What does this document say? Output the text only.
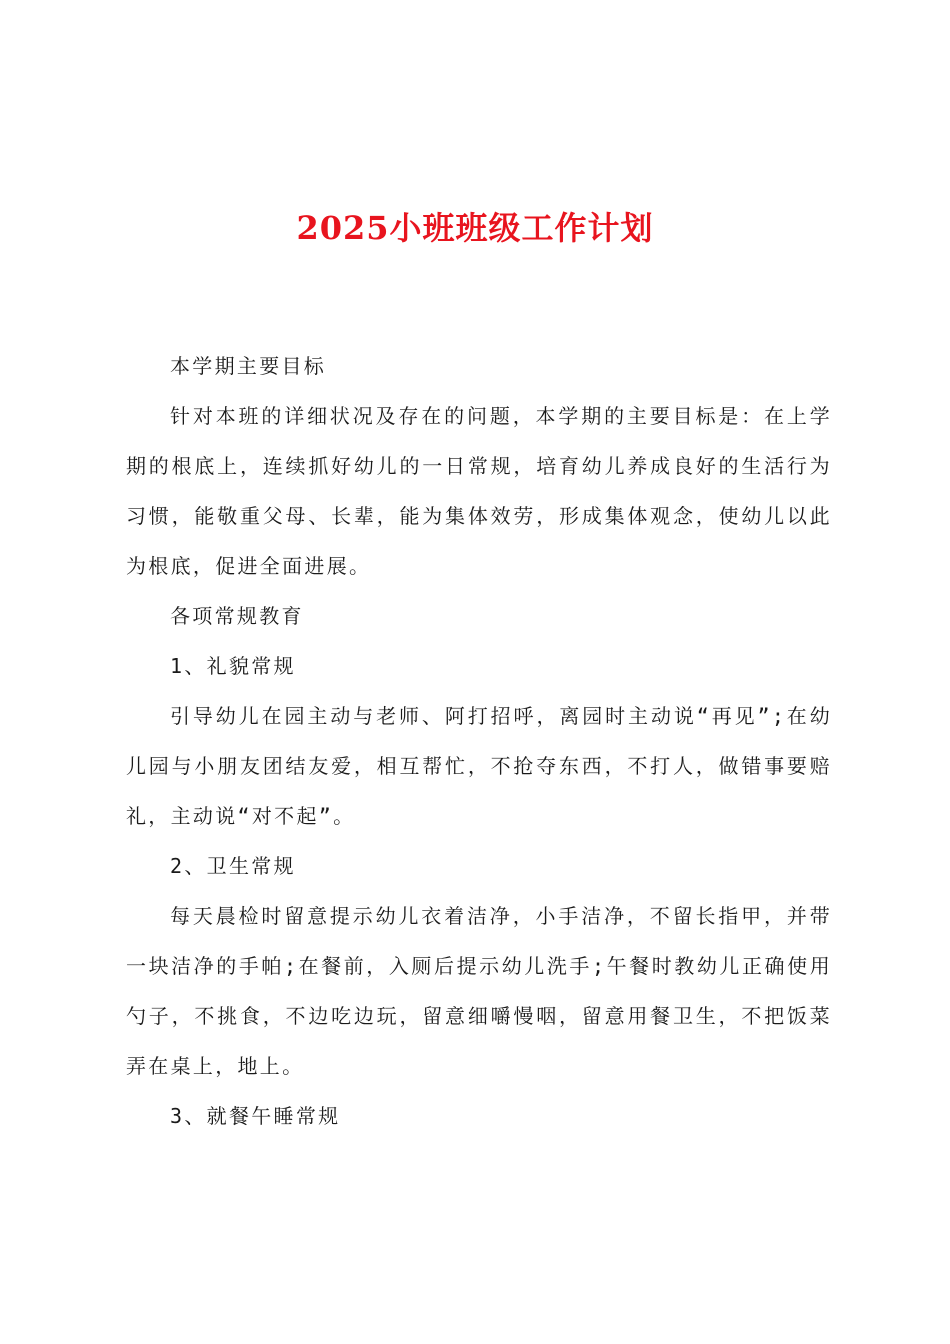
2025小班班级工作计划

本学期主要目标

针对本班的详细状况及存在的问题，本学期的主要目标是：在上学期的根底上，连续抓好幼儿的一日常规，培育幼儿养成良好的生活行为习惯，能敬重父母、长辈，能为集体效劳，形成集体观念，使幼儿以此为根底，促进全面进展。

各项常规教育

1、礼貌常规

引导幼儿在园主动与老师、阿打招呼，离园时主动说“再见”;在幼儿园与小朋友团结友爱，相互帮忙，不抢夺东西，不打人，做错事要赔礼，主动说“对不起”。

2、卫生常规

每天晨检时留意提示幼儿衣着洁净，小手洁净，不留长指甲，并带一块洁净的手帕;在餐前，入厕后提示幼儿洗手;午餐时教幼儿正确使用勺子，不挑食，不边吃边玩，留意细嚼慢咽，留意用餐卫生，不把饭菜弄在桌上，地上。

3、就餐午睡常规
